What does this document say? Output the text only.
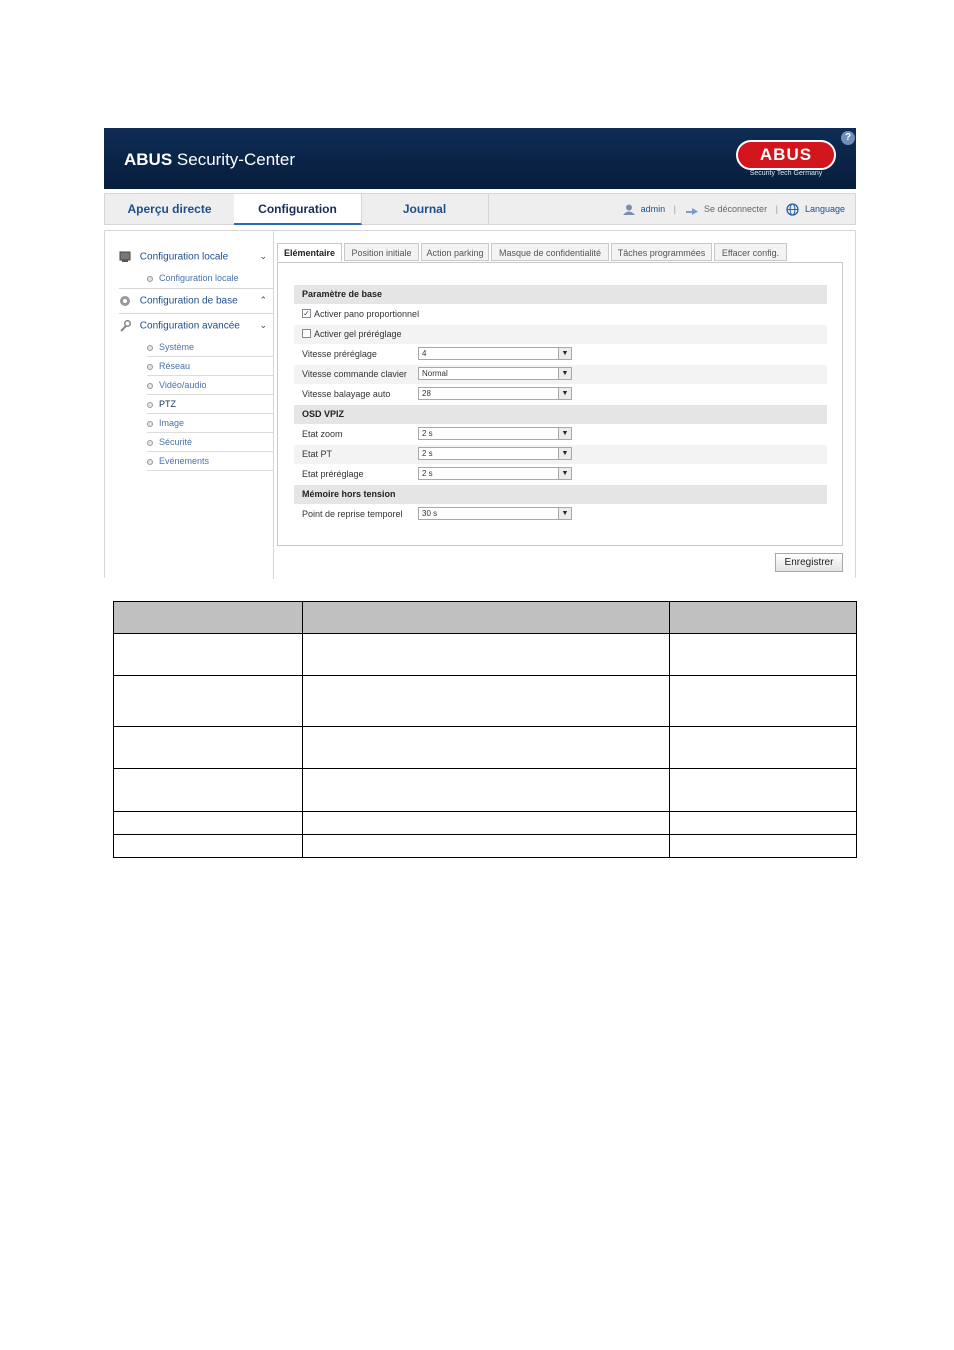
ABUS Security-Center	ABUS
Security Tech Germany
?
Aperçu directe	Configuration	Journal	admin |	Se déconnecter |	Language
Configuration locale	⌄
Configuration locale
Configuration de base ⌃
Configuration avancée ⌄
Système
Réseau
Vidéo/audio
PTZ
Image
Sécurité
Evénements
Elémentaire	Position initiale	Action parking	Masque de confidentialité	Tâches programmées	Effacer config.
Paramètre de base
✓ Activer pano proportionnel
Activer gel préréglage
Vitesse préréglage	4	▼
Vitesse commande clavier	Normal	▼
Vitesse balayage auto	28	▼
OSD VPIZ
Etat zoom	2 s	▼
Etat PT	2 s	▼
Etat préréglage	2 s	▼
Mémoire hors tension
Point de reprise temporel	30 s	▼
Enregistrer
